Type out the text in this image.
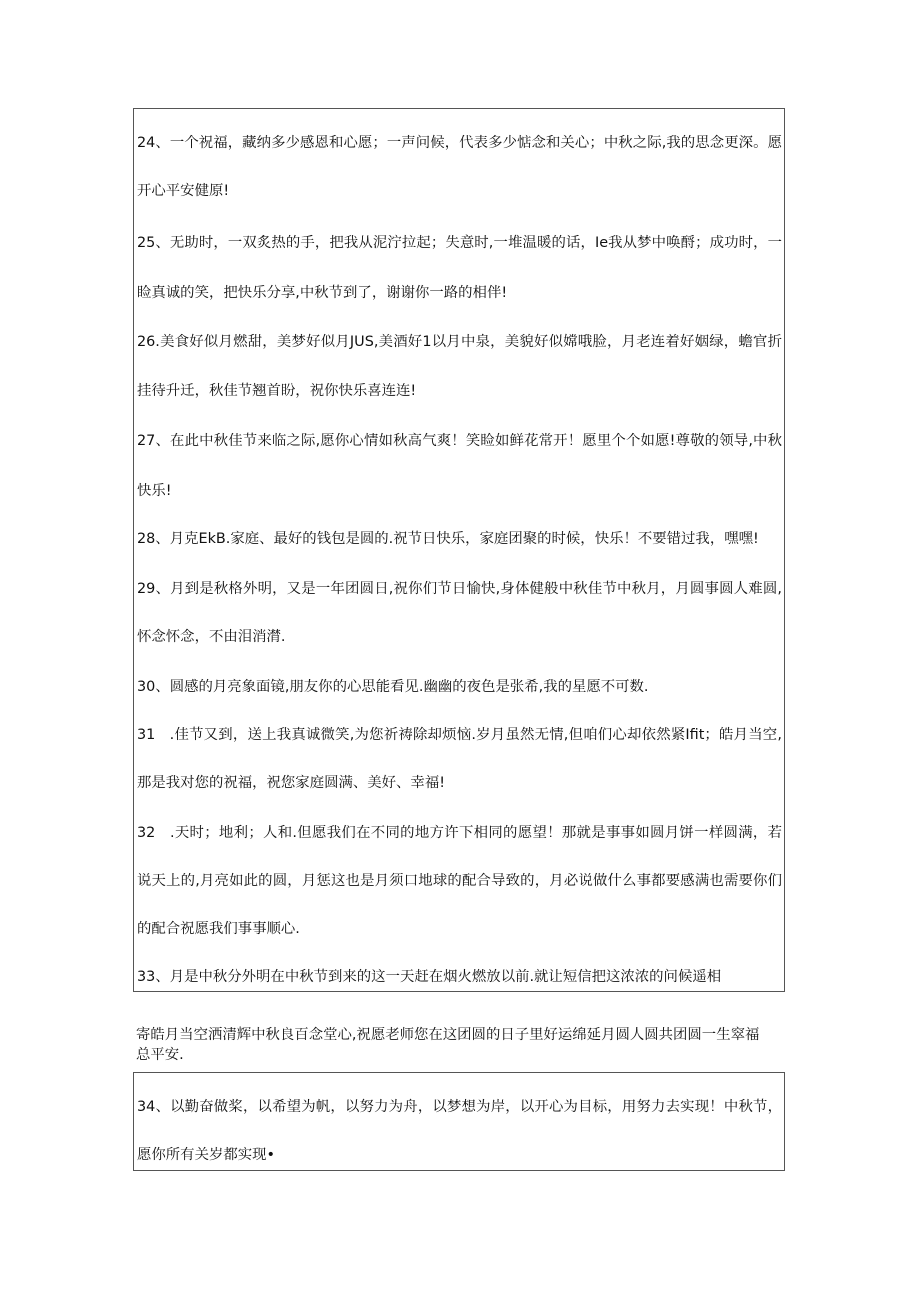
24、一个祝福，藏纳多少感恩和心愿；一声问候，代表多少惦念和关心；中秋之际,我的思念更深。愿
开心平安健原!
25、无助时，一双炙热的手，把我从泥泞拉起；失意时,一堆温暖的话，Ie我从梦中唤酹；成功时，一
睑真诚的笑，把快乐分享,中秋节到了，谢谢你一路的相伴!
26.美食好似月燃甜，美梦好似月JUS,美酒好1以月中泉，美貌好似嫦哦脸，月老连着好姻绿，蟾官折
挂待升迁，秋佳节翘首盼，祝你快乐喜连连!
27、在此中秋佳节来临之际,愿你心情如秋高气爽！笑睑如鲜花常开！愿里个个如愿!尊敬的领导,中秋
快乐!
28、月克EkB.家庭、最好的钱包是圆的.祝节日快乐，家庭团聚的时候，快乐！不要错过我，嘿嘿!
29、月到是秋格外明，又是一年团圆日,祝你们节日愉快,身体健般中秋佳节中秋月，月圆事圆人难圆,
怀念怀念，不由泪消潸.
30、圆感的月亮象面镜,朋友你的心思能看见.幽幽的夜色是张希,我的星愿不可数.
31   .佳节又到，送上我真诚微笑,为您祈祷除却烦恼.岁月虽然无情,但咱们心却依然紧Ifit；皓月当空,
那是我对您的祝福，祝您家庭圆满、美好、幸福!
32   .天时；地利；人和.但愿我们在不同的地方许下相同的愿望！那就是事事如圆月饼一样圆满，若
说天上的,月亮如此的圆，月惩这也是月须口地球的配合导致的，月必说做什么事都要感满也需要你们
的配合祝愿我们事事顺心.
33、月是中秋分外明在中秋节到来的这一天赶在烟火燃放以前.就让短信把这浓浓的问候遥相
寄皓月当空洒清辉中秋良百念堂心,祝愿老师您在这团圆的日子里好运绵延月圆人圆共团圆一生窣福
总平安.
34、以勤奋做桨，以希望为帆，以努力为舟，以梦想为岸，以开心为目标，用努力去实现！中秋节，
愿你所有关岁都实现•
